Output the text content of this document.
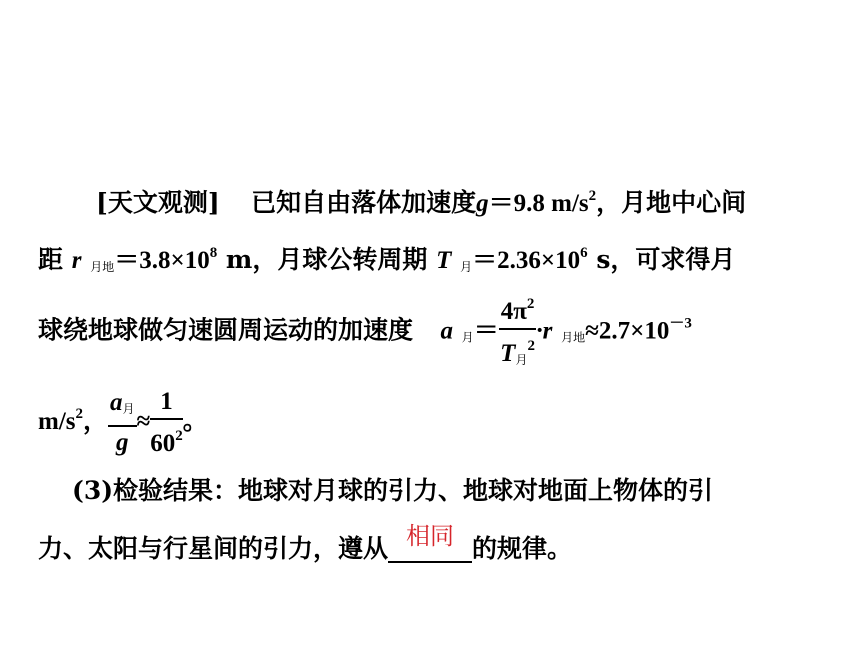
[天文观测] 已知自由落体加速度g＝9.8 $m/s^2$，月地中心间
距 r $_{月地}=3.8\times 10^8$ m，月球公转周期 T $_月=2.36\times 10^6$ s，可求得月
球绕地球做匀速圆周运动的加速度 a $_月= \frac{4\pi^2}{T_月^2} \cdot r$ $_{月地}\approx 2.7\times 10^{-3}$
$m/s^2$， $\frac{a_月}{g} \approx \frac{1}{60^2}$ 。
(3)检验结果：地球对月球的引力、地球对地面上物体的引
力、太阳与行星间的引力，遵从 相同 的规律。
